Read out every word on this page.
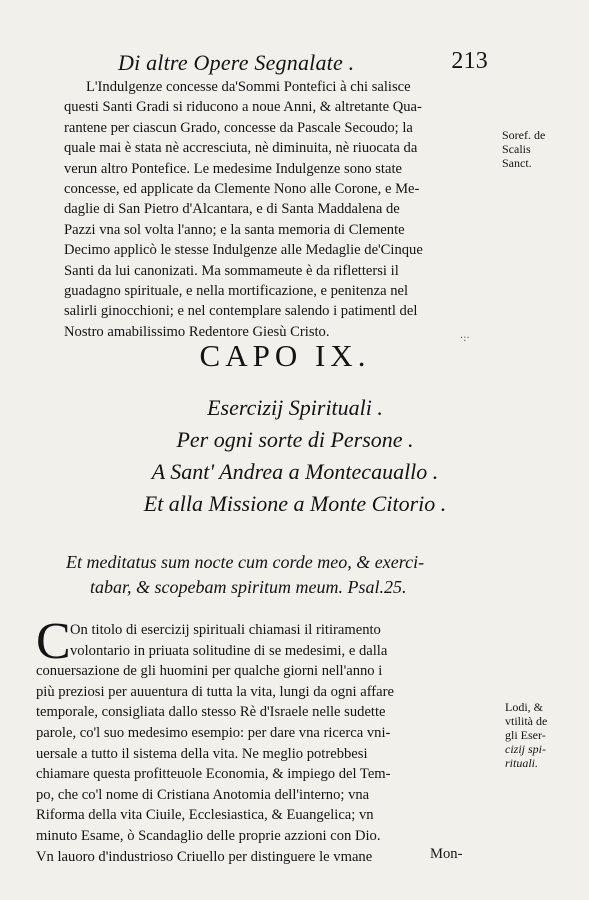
Di altre Opere Segnalate .	213
L'Indulgenze concesse da'Sommi Pontefici à chi salisce
questi Santi Gradi si riducono a noue Anni, & altretante Qua-
rantene per ciascun Grado, concesse da Pascale Secoudo; la
quale mai è stata nè accresciuta, nè diminuita, nè riuocata da
verun altro Pontefice. Le medesime Indulgenze sono state
concesse, ed applicate da Clemente Nono alle Corone, e Me-
daglie di San Pietro d'Alcantara, e di Santa Maddalena de
Pazzi vna sol volta l'anno; e la santa memoria di Clemente
Decimo applicò le stesse Indulgenze alle Medaglie de'Cinque
Santi da lui canonizati. Ma sommameute è da riflettersi il
guadagno spirituale, e nella mortificazione, e penitenza nel
salirli ginocchioni; e nel contemplare salendo i patimentl del
Nostro amabilissimo Redentore Giesù Cristo.
Soref. de
Scalis
Sanct.
·:·
CAPO IX.
Esercizij Spirituali .
Per ogni sorte di Persone .
A Sant' Andrea a Montecauallo .
Et alla Missione a Monte Citorio .
Et meditatus sum nocte cum corde meo, & exerci-
tabar, & scopebam spiritum meum. Psal.25.
C On titolo di esercizij spirituali chiamasi il ritiramento
volontario in priuata solitudine di se medesimi, e dalla
conuersazione de gli huomini per qualche giorni nell'anno i
più preziosi per auuentura di tutta la vita, lungi da ogni affare
temporale, consigliata dallo stesso Rè d'Israele nelle sudette
parole, co'l suo medesimo esempio: per dare vna ricerca vni-
uersale a tutto il sistema della vita. Ne meglio potrebbesi
chiamare questa profitteuole Economia, & impiego del Tem-
po, che co'l nome di Cristiana Anotomia dell'interno; vna
Riforma della vita Ciuile, Ecclesiastica, & Euangelica; vn
minuto Esame, ò Scandaglio delle proprie azzioni con Dio.
Vn lauoro d'industrioso Criuello per distinguere le vmane
Lodi, &
vtilità de
gli Eser-
cizij spi-
rituali.
Mon-
